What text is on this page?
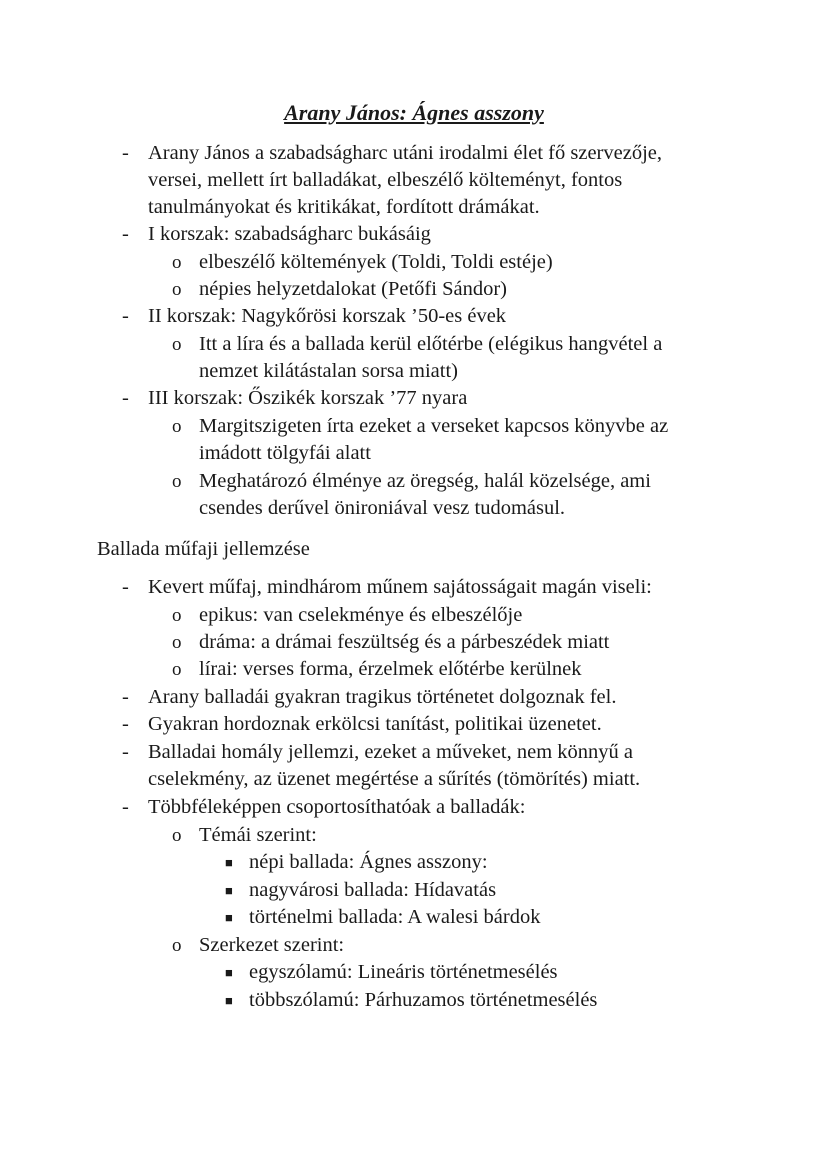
Arany János: Ágnes asszony
- Arany János a szabadságharc utáni irodalmi élet fő szervezője,
versei, mellett írt balladákat, elbeszélő költeményt, fontos
tanulmányokat és kritikákat, fordított drámákat.
- I korszak: szabadságharc bukásáig
o elbeszélő költemények (Toldi, Toldi estéje)
o népies helyzetdalokat (Petőfi Sándor)
- II korszak: Nagykőrösi korszak ’50-es évek
o Itt a líra és a ballada kerül előtérbe (elégikus hangvétel a
nemzet kilátástalan sorsa miatt)
- III korszak: Őszikék korszak ’77 nyara
o Margitszigeten írta ezeket a verseket kapcsos könyvbe az
imádott tölgyfái alatt
o Meghatározó élménye az öregség, halál közelsége, ami
csendes derűvel önironiával vesz tudomásul.
Ballada műfaji jellemzése
- Kevert műfaj, mindhárom műnem sajátosságait magán viseli:
o epikus: van cselekménye és elbeszélője
o dráma: a drámai feszültség és a párbeszédek miatt
o lírai: verses forma, érzelmek előtérbe kerülnek
- Arany balladái gyakran tragikus történetet dolgoznak fel.
- Gyakran hordoznak erkölcsi tanítást, politikai üzenetet.
- Balladai homály jellemzi, ezeket a műveket, nem könnyű a
cselekmény, az üzenet megértése a sűrítés (tömörítés) miatt.
- Többféleképpen csoportosíthatóak a balladák:
o Témái szerint:
■ népi ballada: Ágnes asszony:
■ nagyvárosi ballada: Hídavatás
■ történelmi ballada: A walesi bárdok
o Szerkezet szerint:
■ egyszólamú: Lineáris történetmesélés
■ többszólamú: Párhuzamos történetmesélés
